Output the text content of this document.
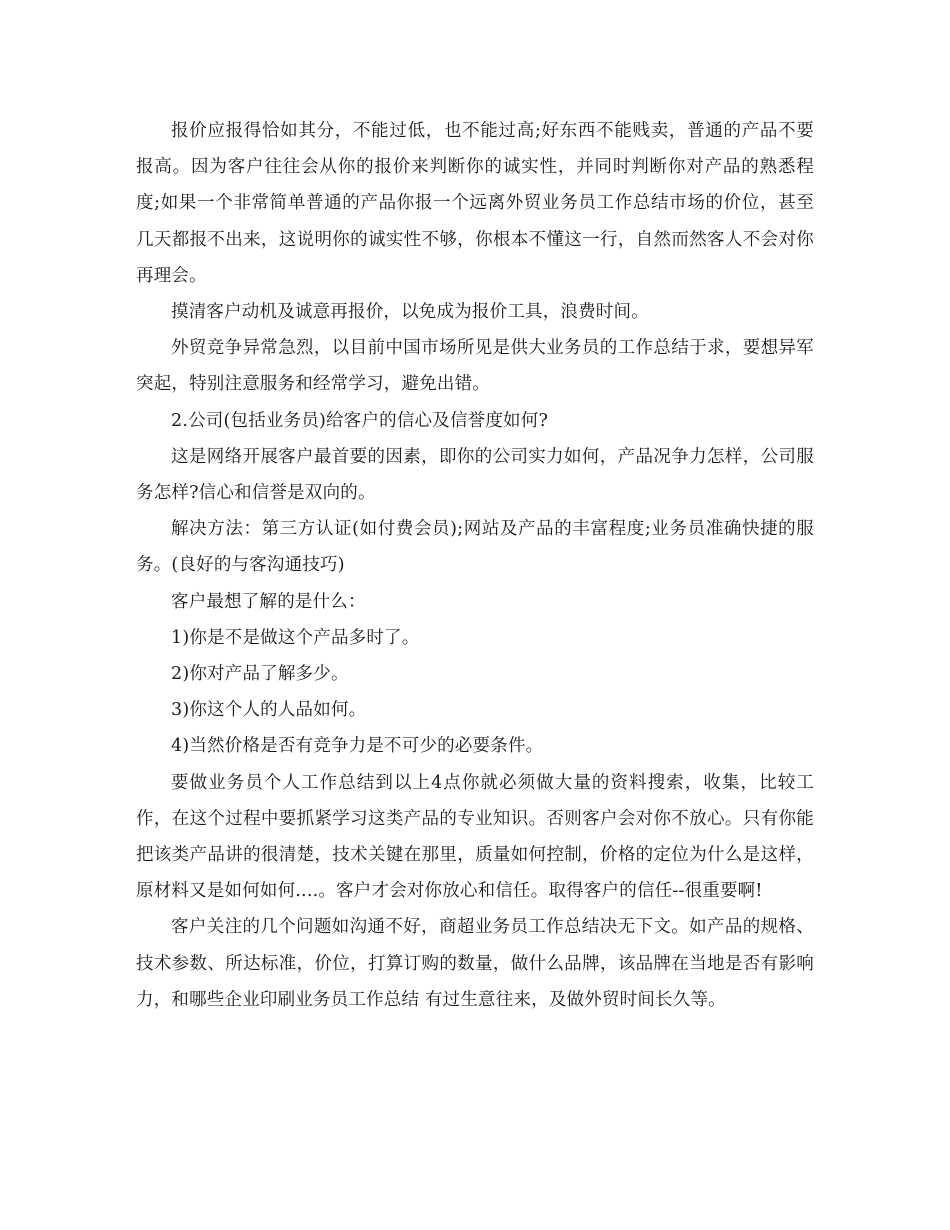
报价应报得恰如其分，不能过低，也不能过高;好东西不能贱卖，普通的产品不要报高。因为客户往往会从你的报价来判断你的诚实性，并同时判断你对产品的熟悉程度;如果一个非常简单普通的产品你报一个远离外贸业务员工作总结市场的价位，甚至几天都报不出来，这说明你的诚实性不够，你根本不懂这一行，自然而然客人不会对你再理会。

摸清客户动机及诚意再报价，以免成为报价工具，浪费时间。

外贸竞争异常急烈，以目前中国市场所见是供大业务员的工作总结于求，要想异军突起，特别注意服务和经常学习，避免出错。

2.公司(包括业务员)给客户的信心及信誉度如何?

这是网络开展客户最首要的因素，即你的公司实力如何，产品况争力怎样，公司服务怎样?信心和信誉是双向的。

解决方法：第三方认证(如付费会员);网站及产品的丰富程度;业务员准确快捷的服务。(良好的与客沟通技巧)

客户最想了解的是什么：

1)你是不是做这个产品多时了。

2)你对产品了解多少。

3)你这个人的人品如何。

4)当然价格是否有竞争力是不可少的必要条件。

要做业务员个人工作总结到以上4点你就必须做大量的资料搜索，收集，比较工作，在这个过程中要抓紧学习这类产品的专业知识。否则客户会对你不放心。只有你能把该类产品讲的很清楚，技术关键在那里，质量如何控制，价格的定位为什么是这样，原材料又是如何如何....。客户才会对你放心和信任。取得客户的信任--很重要啊!

客户关注的几个问题如沟通不好，商超业务员工作总结决无下文。如产品的规格、技术参数、所达标准，价位，打算订购的数量，做什么品牌，该品牌在当地是否有影响力，和哪些企业印刷业务员工作总结 有过生意往来，及做外贸时间长久等。
